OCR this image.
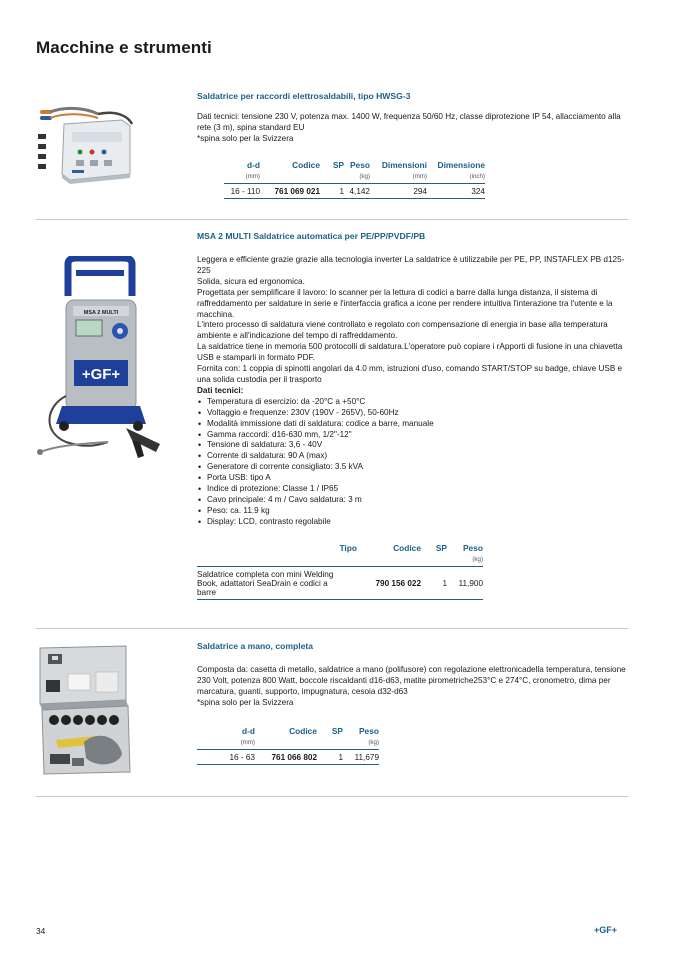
Macchine e strumenti
Saldatrice per raccordi elettrosaldabili, tipo HWSG-3

Dati tecnici: tensione 230 V, potenza max. 1400 W, frequenza 50/60 Hz, classe diprotezione IP 54, allacciamento alla rete (3 m), spina standard EU

*spina solo per la Svizzera

d-d	Codice	SP	Peso	Dimensioni	Dimensione
(mm)			(kg)	(mm)	(inch)
16 - 110	761 069 021	1	4,142	294	324
MSA 2 MULTI
+GF+
MSA 2 MULTI Saldatrice automatica per PE/PP/PVDF/PB

Leggera e efficiente grazie grazie alla tecnologia inverter La saldatrice è utilizzabile per PE, PP, INSTAFLEX PB d125-225

Solida, sicura ed ergonomica.

Progettata per semplificare il lavoro: lo scanner per la lettura di codici a barre dalla lunga distanza, il sistema di raffreddamento per saldature in serie e l'interfaccia grafica a icone per rendere intuitiva l'interazione tra l'utente e la macchina.

L'intero processo di saldatura viene controllato e regolato con compensazione di energia in base alla temperatura ambiente e all'indicazione del tempo di raffreddamento.

La saldatrice tiene in memoria 500 protocolli di saldatura.L'operatore può copiare i rApporti di fusione in una chiavetta USB e stamparli in formato PDF.

Fornita con: 1 coppia di spinotti angolari da 4.0 mm, istruzioni d'uso, comando START/STOP su badge, chiave USB e una solida custodia per il trasporto

Dati tecnici:

• Temperatura di esercizio: da -20°C a +50°C
• Voltaggio e frequenze: 230V (190V - 265V), 50-60Hz
• Modalità immissione dati di saldatura: codice a barre, manuale
• Gamma raccordi: d16-630 mm, 1/2"-12"
• Tensione di saldatura: 3,6 - 40V
• Corrente di saldatura: 90 A (max)
• Generatore di corrente consigliato: 3.5 kVA
• Porta USB: tipo A
• Indice di protezione: Classe 1 / IP65
• Cavo principale: 4 m / Cavo saldatura: 3 m
• Peso: ca. 11.9 kg
• Display: LCD, contrasto regolabile
Tipo	Codice	SP	Peso
			(kg)
Saldatrice completa con mini Welding Book, adattatori SeaDrain e codici a barre	790 156 022	1	11,900
Saldatrice a mano, completa

Composta da: casetta di metallo, saldatrice a mano (polifusore) con regolazione elettronicadella temperatura, tensione 230 Volt, potenza 800 Watt, boccole riscaldanti d16-d63, matite pirometriche253°C e 274°C, cronometro, dima per marcatura, guanti, supporto, impugnatura, cesoia d32-d63

*spina solo per la Svizzera

d-d	Codice	SP	Peso
(mm)			(kg)
16 - 63	761 066 802	1	11,679
34	+GF+
